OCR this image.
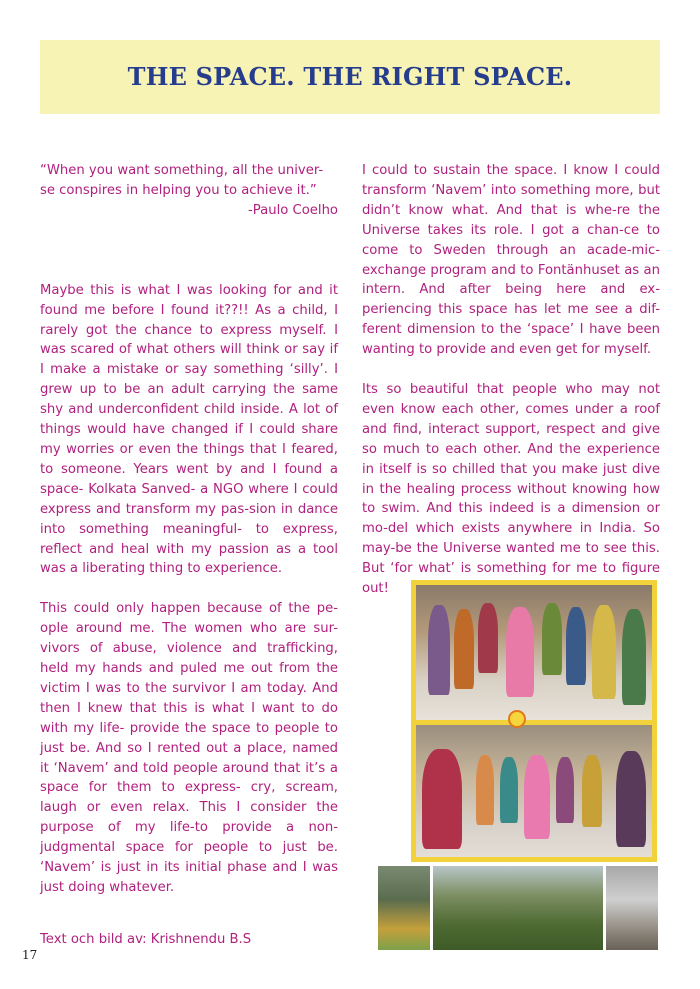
THE SPACE. THE RIGHT SPACE.

“When you want something, all the univer-
se conspires in helping you to achieve it.”
-Paulo Coelho

Maybe this is what I was looking for and it found me before I found it??!! As a child, I rarely got the chance to express myself. I was scared of what others will think or say if I make a mistake or say something ‘silly’. I grew up to be an adult carrying the same shy and underconfident child inside. A lot of things would have changed if I could share my worries or even the things that I feared, to someone. Years went by and I found a space- Kolkata Sanved- a NGO where I could express and transform my pas-sion in dance into something meaningful- to express, reflect and heal with my passion as a tool was a liberating thing to experience.

This could only happen because of the pe-ople around me. The women who are sur-vivors of abuse, violence and trafficking, held my hands and puled me out from the victim I was to the survivor I am today. And then I knew that this is what I want to do with my life- provide the space to people to just be. And so I rented out a place, named it ‘Navem’ and told people around that it’s a space for them to express- cry, scream, laugh or even relax. This I consider the purpose of my life-to provide a non-judgmental space for people to just be. ‘Navem’ is just in its initial phase and I was just doing whatever.

I could to sustain the space. I know I could transform ‘Navem’ into something more, but didn’t know what. And that is whe-re the Universe takes its role. I got a chan-ce to come to Sweden through an acade-mic-exchange program and to Fontänhuset as an intern. And after being here and ex-periencing this space has let me see a dif-ferent dimension to the ‘space’ I have been wanting to provide and even get for myself.

Its so beautiful that people who may not even know each other, comes under a roof and find, interact support, respect and give so much to each other. And the experience in itself is so chilled that you make just dive in the healing process without knowing how to swim. And this indeed is a dimension or mo-del which exists anywhere in India. So may-be the Universe wanted me to see this. But ‘for what’ is something for me to figure out!

Text och bild av: Krishnendu B.S
17
